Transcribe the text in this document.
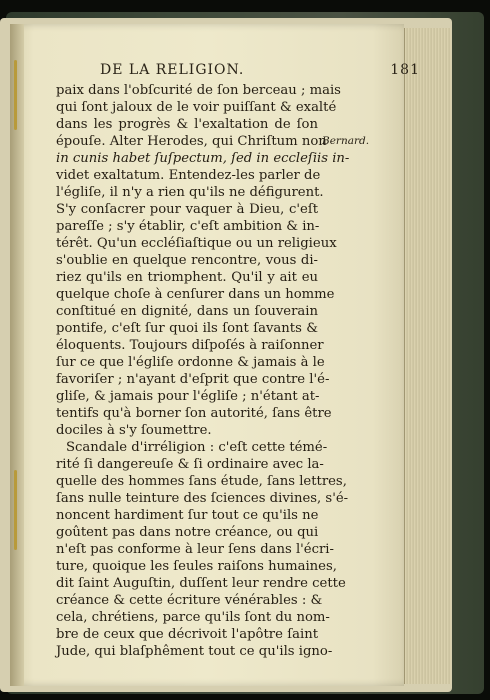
DE LA RELIGION.	181
Bernard.
paix dans l'obſcurité de ſon berceau ; mais
qui ſont jaloux de le voir puiſſant & exalté
dans les progrès & l'exaltation de ſon
épouſe. Alter Herodes, qui Chriſtum non
in cunis habet ſuſpectum, ſed in eccleſiis in-
videt exaltatum. Entendez-les parler de
l'égliſe, il n'y a rien qu'ils ne défigurent.
S'y conſacrer pour vaquer à Dieu, c'eſt
pareſſe ; s'y établir, c'eſt ambition & in-
térêt. Qu'un eccléſiaſtique ou un religieux
s'oublie en quelque rencontre, vous di-
riez qu'ils en triomphent. Qu'il y ait eu
quelque choſe à cenſurer dans un homme
conſtitué en dignité, dans un ſouverain
pontife, c'eſt ſur quoi ils ſont ſavants &
éloquents. Toujours diſpoſés à raiſonner
ſur ce que l'égliſe ordonne & jamais à le
favoriſer ; n'ayant d'eſprit que contre l'é-
gliſe, & jamais pour l'égliſe ; n'étant at-
tentifs qu'à borner ſon autorité, ſans être
dociles à s'y ſoumettre.
Scandale d'irréligion : c'eſt cette témé-
rité ſi dangereuſe & ſi ordinaire avec la-
quelle des hommes ſans étude, ſans lettres,
ſans nulle teinture des ſciences divines, s'é-
noncent hardiment ſur tout ce qu'ils ne
goûtent pas dans notre créance, ou qui
n'eſt pas conforme à leur ſens dans l'écri-
ture, quoique les ſeules raiſons humaines,
dit ſaint Auguſtin, duſſent leur rendre cette
créance & cette écriture vénérables : &
cela, chrétiens, parce qu'ils ſont du nom-
bre de ceux que décrivoit l'apôtre ſaint
Jude, qui blaſphêment tout ce qu'ils igno-
